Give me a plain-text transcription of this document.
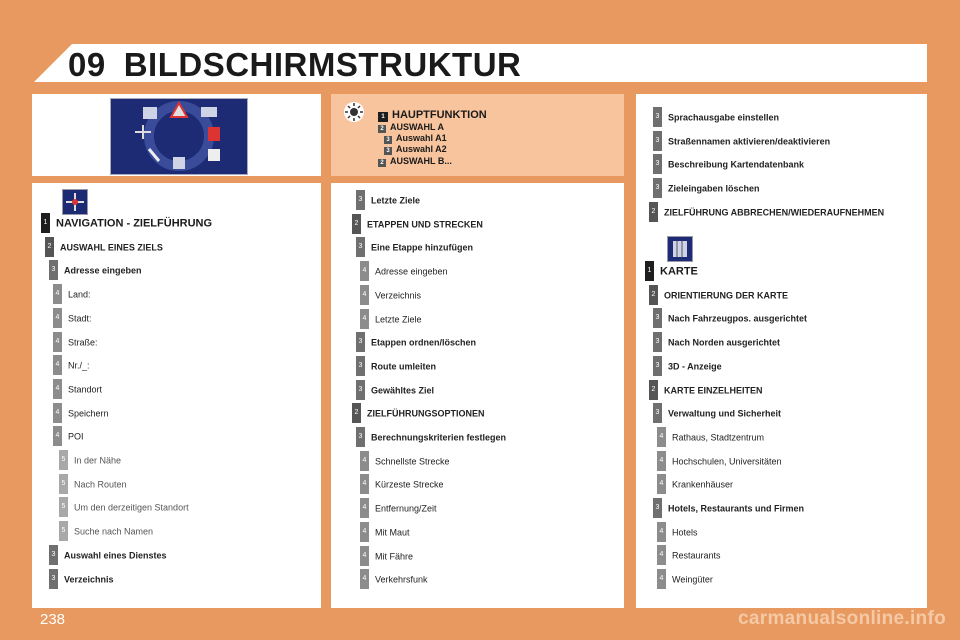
09 BILDSCHIRMSTRUKTUR
1 HAUPTFUNKTION
2 AUSWAHL A
3 Auswahl A1
3 Auswahl A2
2 AUSWAHL B...
1 NAVIGATION - ZIELFÜHRUNG
2 AUSWAHL EINES ZIELS
3 Adresse eingeben
4 Land:
4 Stadt:
4 Straße:
4 Nr./_:
4 Standort
4 Speichern
4 POI
5 In der Nähe
5 Nach Routen
5 Um den derzeitigen Standort
5 Suche nach Namen
3 Auswahl eines Dienstes
3 Verzeichnis
3 Letzte Ziele
2 ETAPPEN UND STRECKEN
3 Eine Etappe hinzufügen
4 Adresse eingeben
4 Verzeichnis
4 Letzte Ziele
3 Etappen ordnen/löschen
3 Route umleiten
3 Gewähltes Ziel
2 ZIELFÜHRUNGSOPTIONEN
3 Berechnungskriterien festlegen
4 Schnellste Strecke
4 Kürzeste Strecke
4 Entfernung/Zeit
4 Mit Maut
4 Mit Fähre
4 Verkehrsfunk
3 Sprachausgabe einstellen
3 Straßennamen aktivieren/deaktivieren
3 Beschreibung Kartendatenbank
3 Zieleingaben löschen
2 ZIELFÜHRUNG ABBRECHEN/WIEDERAUFNEHMEN
1 KARTE
2 ORIENTIERUNG DER KARTE
3 Nach Fahrzeugpos. ausgerichtet
3 Nach Norden ausgerichtet
3 3D - Anzeige
2 KARTE EINZELHEITEN
3 Verwaltung und Sicherheit
4 Rathaus, Stadtzentrum
4 Hochschulen, Universitäten
4 Krankenhäuser
3 Hotels, Restaurants und Firmen
4 Hotels
4 Restaurants
4 Weingüter
238	carmanualsonline.info
